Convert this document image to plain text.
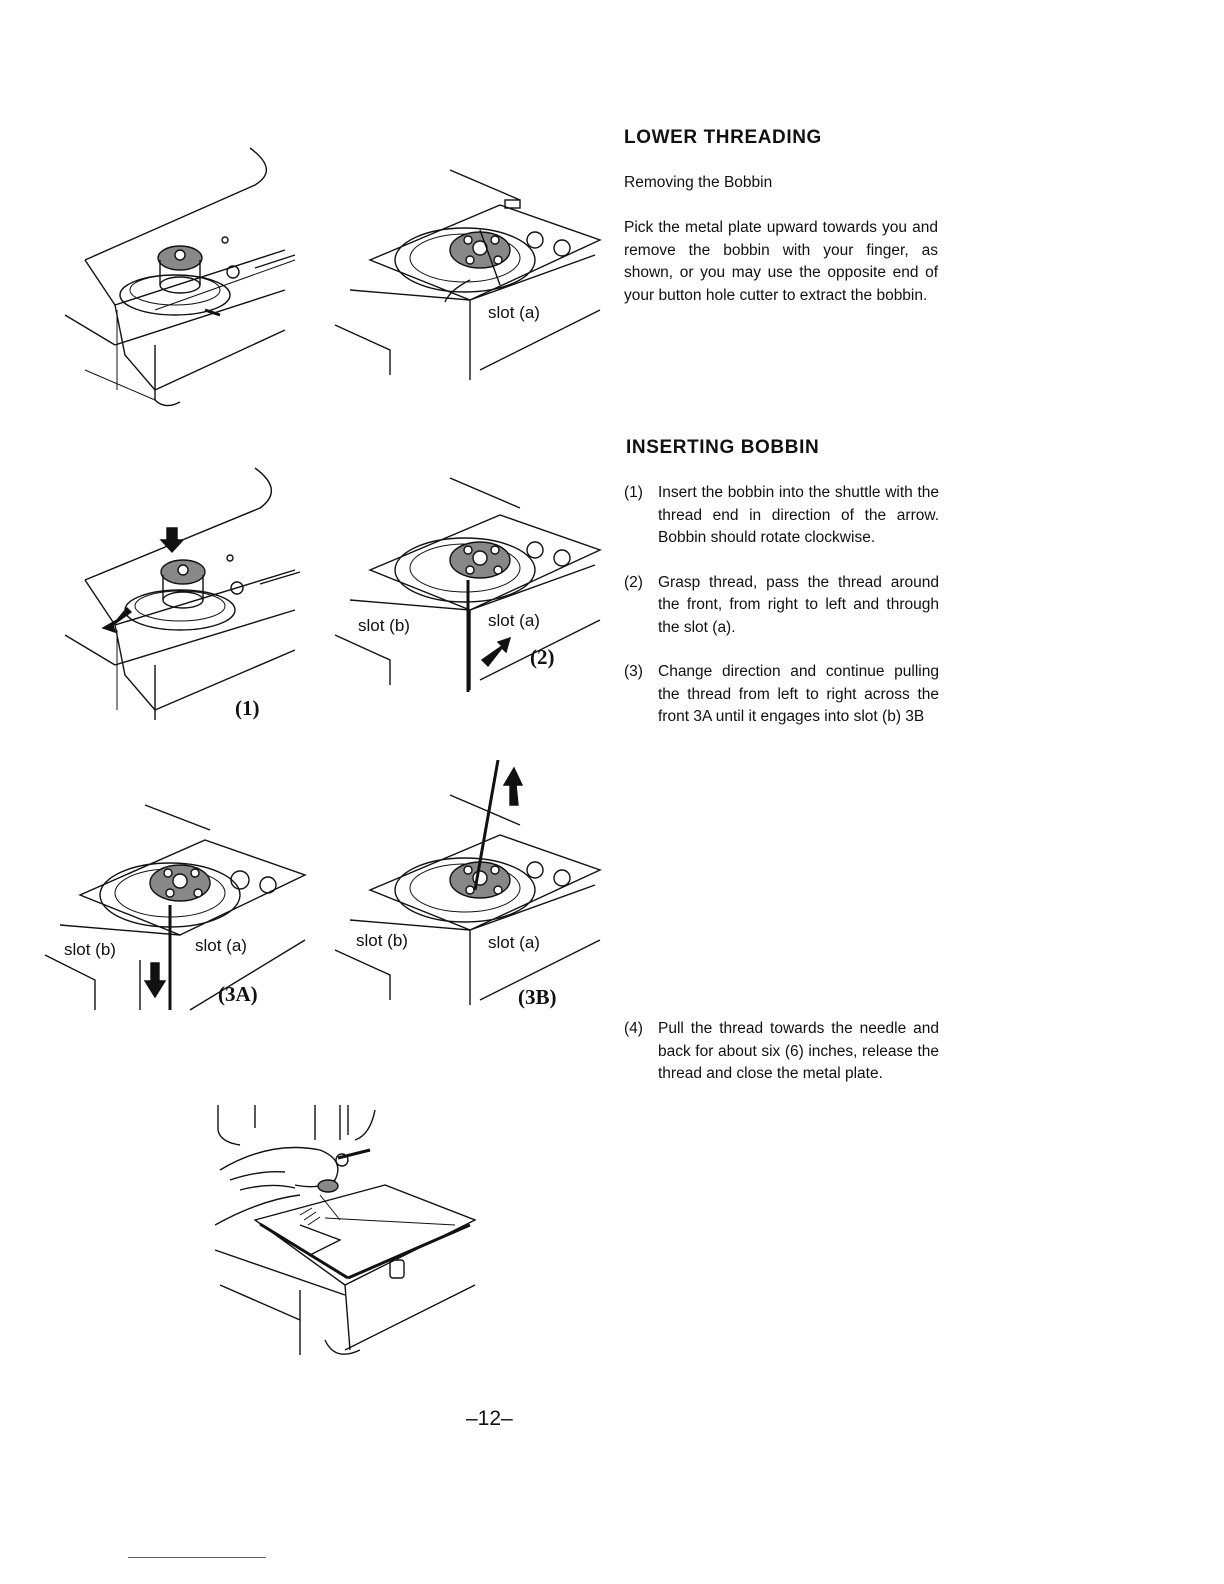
slot (a)
(1)
slot (b)	slot (a)
(2)
slot (b)	slot (a)
(3A)
slot (b)	slot (a)
(3B)
LOWER THREADING

Removing the Bobbin

Pick the metal plate upward towards you and remove the bobbin with your finger, as shown, or you may use the opposite end of your button hole cutter to extract the bobbin.

INSERTING BOBBIN
(1) Insert the bobbin into the shuttle with the thread end in direction of the arrow. Bobbin should rotate clockwise.
(2) Grasp thread, pass the thread around the front, from right to left and through the slot (a).
(3) Change direction and continue pulling the thread from left to right across the front 3A until it engages into slot (b) 3B
(4) Pull the thread towards the needle and back for about six (6) inches, release the thread and close the metal plate.
–12–
